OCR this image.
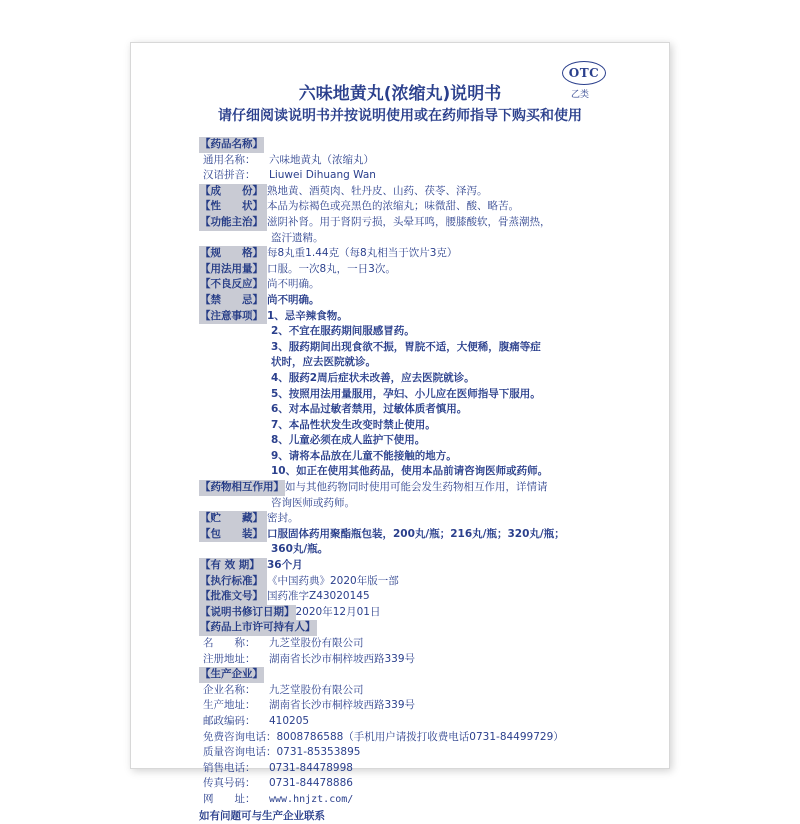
OTC
乙类
六味地黄丸(浓缩丸)说明书
请仔细阅读说明书并按说明使用或在药师指导下购买和使用
【药品名称】
通用名称：	六味地黄丸（浓缩丸）
汉语拼音：	Liuwei Dihuang Wan
【成　　份】 熟地黄、酒萸肉、牡丹皮、山药、茯苓、泽泻。
【性　　状】 本品为棕褐色或亮黑色的浓缩丸；味微甜、酸、略苦。
【功能主治】 滋阴补肾。用于肾阴亏损，头晕耳鸣，腰膝酸软，骨蒸潮热，
盗汗遗精。
【规　　格】 每8丸重1.44克（每8丸相当于饮片3克）
【用法用量】 口服。一次8丸，一日3次。
【不良反应】 尚不明确。
【禁　　忌】 尚不明确。
【注意事项】 1、忌辛辣食物。
2、不宜在服药期间服感冒药。
3、服药期间出现食欲不振，胃脘不适，大便稀，腹痛等症
状时，应去医院就诊。
4、服药2周后症状未改善，应去医院就诊。
5、按照用法用量服用，孕妇、小儿应在医师指导下服用。
6、对本品过敏者禁用，过敏体质者慎用。
7、本品性状发生改变时禁止使用。
8、儿童必须在成人监护下使用。
9、请将本品放在儿童不能接触的地方。
10、如正在使用其他药品，使用本品前请咨询医师或药师。
【药物相互作用】 如与其他药物同时使用可能会发生药物相互作用，详情请
咨询医师或药师。
【贮　　藏】 密封。
【包　　装】 口服固体药用聚酯瓶包装，200丸/瓶；216丸/瓶；320丸/瓶；
360丸/瓶。
【有 效 期】 36个月
【执行标准】 《中国药典》2020年版一部
【批准文号】 国药准字Z43020145
【说明书修订日期】 2020年12月01日
【药品上市许可持有人】
名　　称：	九芝堂股份有限公司
注册地址：	湖南省长沙市桐梓坡西路339号
【生产企业】
企业名称：	九芝堂股份有限公司
生产地址：	湖南省长沙市桐梓坡西路339号
邮政编码：	410205
免费咨询电话： 8008786588（手机用户请拨打收费电话0731-84499729）
质量咨询电话： 0731-85353895
销售电话：	0731-84478998
传真号码：	0731-84478886
网　　址：	www.hnjzt.com/
如有问题可与生产企业联系
